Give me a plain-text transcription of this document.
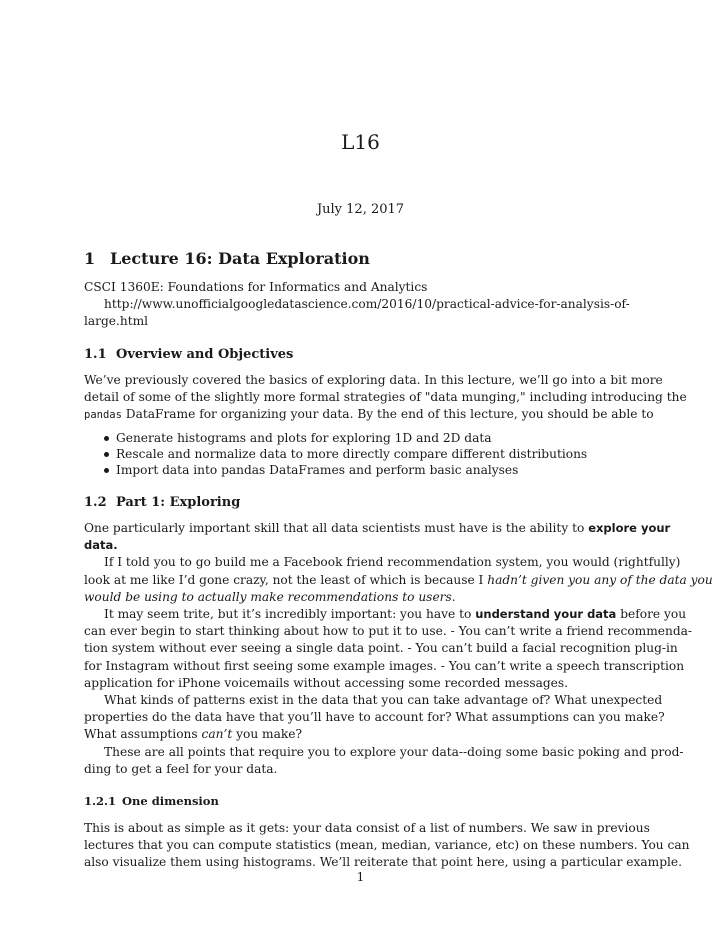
L16
July 12, 2017
1 Lecture 16: Data Exploration
CSCI 1360E: Foundations for Informatics and Analytics
http://www.unofficialgoogledatascience.com/2016/10/practical-advice-for-analysis-of-
large.html
1.1 Overview and Objectives
We’ve previously covered the basics of exploring data. In this lecture, we’ll go into a bit more
detail of some of the slightly more formal strategies of "data munging," including introducing the
pandas DataFrame for organizing your data. By the end of this lecture, you should be able to
Generate histograms and plots for exploring 1D and 2D data
Rescale and normalize data to more directly compare different distributions
Import data into pandas DataFrames and perform basic analyses
1.2 Part 1: Exploring
One particularly important skill that all data scientists must have is the ability to explore your
data.
If I told you to go build me a Facebook friend recommendation system, you would (rightfully)
look at me like I’d gone crazy, not the least of which is because I hadn’t given you any of the data you
would be using to actually make recommendations to users.
It may seem trite, but it’s incredibly important: you have to understand your data before you
can ever begin to start thinking about how to put it to use. - You can’t write a friend recommenda-
tion system without ever seeing a single data point. - You can’t build a facial recognition plug-in
for Instagram without first seeing some example images. - You can’t write a speech transcription
application for iPhone voicemails without accessing some recorded messages.
What kinds of patterns exist in the data that you can take advantage of? What unexpected
properties do the data have that you’ll have to account for? What assumptions can you make?
What assumptions can’t you make?
These are all points that require you to explore your data--doing some basic poking and prod-
ding to get a feel for your data.
1.2.1 One dimension
This is about as simple as it gets: your data consist of a list of numbers. We saw in previous
lectures that you can compute statistics (mean, median, variance, etc) on these numbers. You can
also visualize them using histograms. We’ll reiterate that point here, using a particular example.
1
